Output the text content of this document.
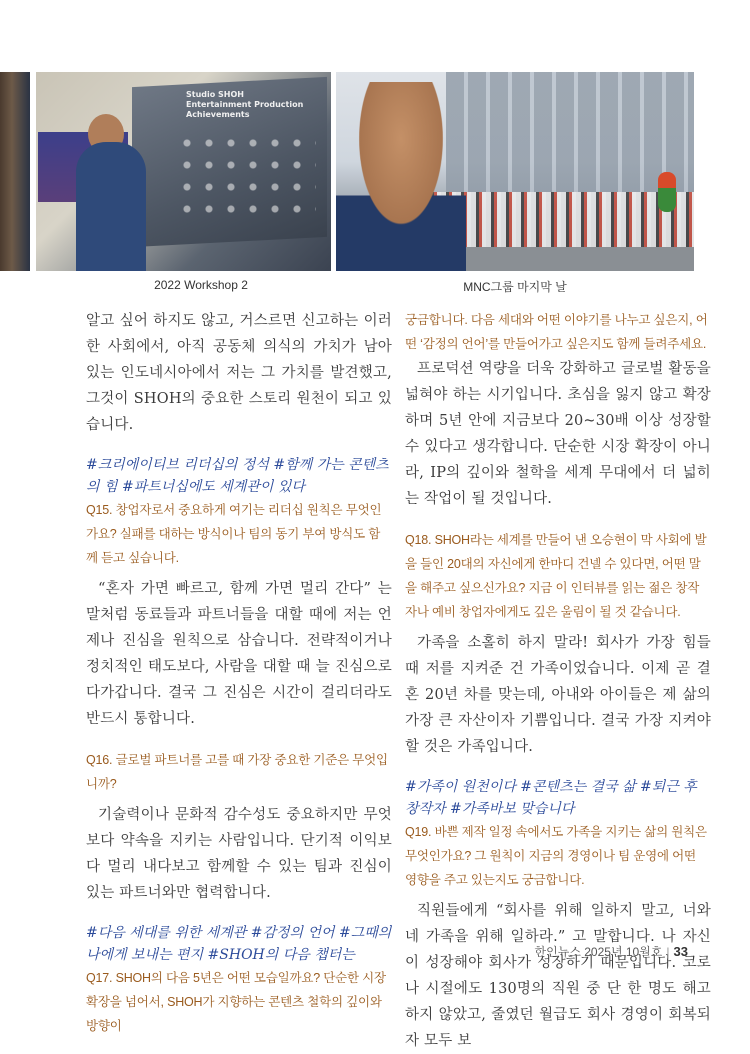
Studio SHOH Entertainment Production Achievements
2022 Workshop 2	MNC그룹 마지막 날

알고 싶어 하지도 않고, 거스르면 신고하는 이러한 사회에서, 아직 공동체 의식의 가치가 남아 있는 인도네시아에서 저는 그 가치를 발견했고, 그것이 SHOH의 중요한 스토리 원천이 되고 있습니다.

#크리에이티브 리더십의 정석 #함께 가는 콘텐츠의 힘 #파트너십에도 세계관이 있다

Q15. 창업자로서 중요하게 여기는 리더십 원칙은 무엇인가요? 실패를 대하는 방식이나 팀의 동기 부여 방식도 함께 듣고 싶습니다.

“혼자 가면 빠르고, 함께 가면 멀리 간다” 는 말처럼 동료들과 파트너들을 대할 때에 저는 언제나 진심을 원칙으로 삼습니다. 전략적이거나 정치적인 태도보다, 사람을 대할 때 늘 진심으로 다가갑니다. 결국 그 진심은 시간이 걸리더라도 반드시 통합니다.

Q16. 글로벌 파트너를 고를 때 가장 중요한 기준은 무엇입니까?

기술력이나 문화적 감수성도 중요하지만 무엇보다 약속을 지키는 사람입니다. 단기적 이익보다 멀리 내다보고 함께할 수 있는 팀과 진심이 있는 파트너와만 협력합니다.

#다음 세대를 위한 세계관 #감정의 언어 #그때의 나에게 보내는 편지 #SHOH의 다음 챕터는

Q17. SHOH의 다음 5년은 어떤 모습일까요? 단순한 시장 확장을 넘어서, SHOH가 지향하는 콘텐츠 철학의 깊이와 방향이

궁금합니다. 다음 세대와 어떤 이야기를 나누고 싶은지, 어떤 ‘감정의 언어’를 만들어가고 싶은지도 함께 들려주세요.

프로덕션 역량을 더욱 강화하고 글로벌 활동을 넓혀야 하는 시기입니다. 초심을 잃지 않고 확장하며 5년 안에 지금보다 20~30배 이상 성장할 수 있다고 생각합니다. 단순한 시장 확장이 아니라, IP의 깊이와 철학을 세계 무대에서 더 넓히는 작업이 될 것입니다.

Q18. SHOH라는 세계를 만들어 낸 오승현이 막 사회에 발을 들인 20대의 자신에게 한마디 건넬 수 있다면, 어떤 말을 해주고 싶으신가요? 지금 이 인터뷰를 읽는 젊은 창작자나 예비 창업자에게도 깊은 울림이 될 것 같습니다.

가족을 소홀히 하지 말라! 회사가 가장 힘들 때 저를 지켜준 건 가족이었습니다. 이제 곧 결혼 20년 차를 맞는데, 아내와 아이들은 제 삶의 가장 큰 자산이자 기쁨입니다. 결국 가장 지켜야 할 것은 가족입니다.

#가족이 원천이다 #콘텐츠는 결국 삶 #퇴근 후 창작자 #가족바보 맞습니다

Q19. 바쁜 제작 일정 속에서도 가족을 지키는 삶의 원칙은 무엇인가요? 그 원칙이 지금의 경영이나 팀 운영에 어떤 영향을 주고 있는지도 궁금합니다.

직원들에게 “회사를 위해 일하지 말고, 너와 네 가족을 위해 일하라.” 고 말합니다. 나 자신이 성장해야 회사가 성장하기 때문입니다. 코로나 시절에도 130명의 직원 중 단 한 명도 해고하지 않았고, 줄였던 월급도 회사 경영이 회복되자 모두 보

한인뉴스 2025년 10월호 | 33
